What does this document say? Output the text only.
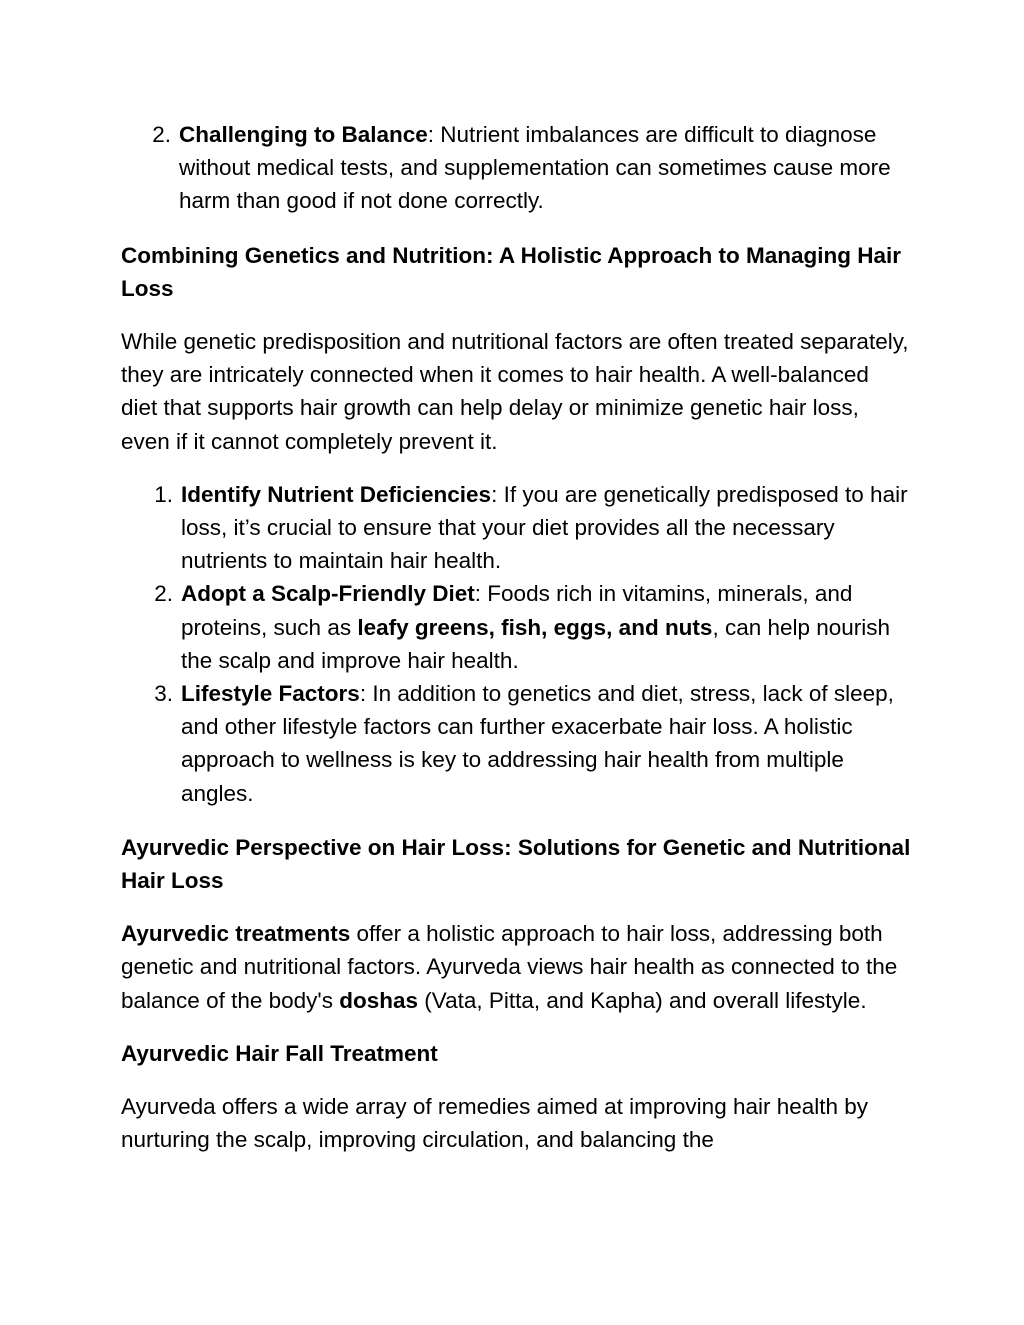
2. Challenging to Balance: Nutrient imbalances are difficult to diagnose without medical tests, and supplementation can sometimes cause more harm than good if not done correctly.

Combining Genetics and Nutrition: A Holistic Approach to Managing Hair Loss

While genetic predisposition and nutritional factors are often treated separately, they are intricately connected when it comes to hair health. A well-balanced diet that supports hair growth can help delay or minimize genetic hair loss, even if it cannot completely prevent it.

1. Identify Nutrient Deficiencies: If you are genetically predisposed to hair loss, it’s crucial to ensure that your diet provides all the necessary nutrients to maintain hair health.
2. Adopt a Scalp-Friendly Diet: Foods rich in vitamins, minerals, and proteins, such as leafy greens, fish, eggs, and nuts, can help nourish the scalp and improve hair health.
3. Lifestyle Factors: In addition to genetics and diet, stress, lack of sleep, and other lifestyle factors can further exacerbate hair loss. A holistic approach to wellness is key to addressing hair health from multiple angles.

Ayurvedic Perspective on Hair Loss: Solutions for Genetic and Nutritional Hair Loss

Ayurvedic treatments offer a holistic approach to hair loss, addressing both genetic and nutritional factors. Ayurveda views hair health as connected to the balance of the body's doshas (Vata, Pitta, and Kapha) and overall lifestyle.

Ayurvedic Hair Fall Treatment

Ayurveda offers a wide array of remedies aimed at improving hair health by nurturing the scalp, improving circulation, and balancing the
